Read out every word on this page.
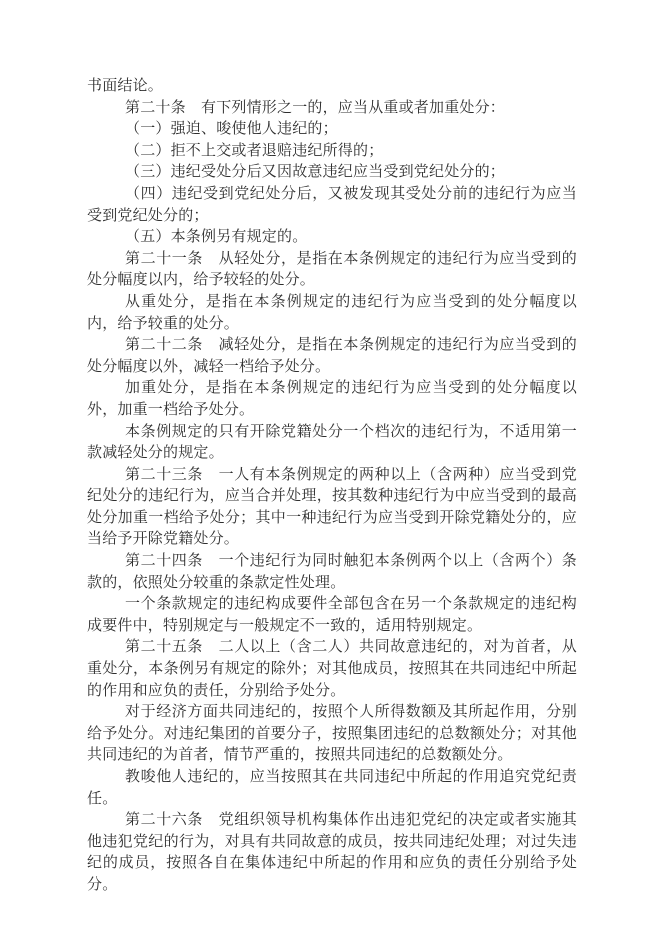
书面结论。

第二十条　有下列情形之一的，应当从重或者加重处分：

（一）强迫、唆使他人违纪的；

（二）拒不上交或者退赔违纪所得的；

（三）违纪受处分后又因故意违纪应当受到党纪处分的；

（四）违纪受到党纪处分后，又被发现其受处分前的违纪行为应当受到党纪处分的；

（五）本条例另有规定的。

第二十一条　从轻处分，是指在本条例规定的违纪行为应当受到的处分幅度以内，给予较轻的处分。

从重处分，是指在本条例规定的违纪行为应当受到的处分幅度以内，给予较重的处分。

第二十二条　减轻处分，是指在本条例规定的违纪行为应当受到的处分幅度以外，减轻一档给予处分。

加重处分，是指在本条例规定的违纪行为应当受到的处分幅度以外，加重一档给予处分。

本条例规定的只有开除党籍处分一个档次的违纪行为，不适用第一款减轻处分的规定。

第二十三条　一人有本条例规定的两种以上（含两种）应当受到党纪处分的违纪行为，应当合并处理，按其数种违纪行为中应当受到的最高处分加重一档给予处分；其中一种违纪行为应当受到开除党籍处分的，应当给予开除党籍处分。

第二十四条　一个违纪行为同时触犯本条例两个以上（含两个）条款的，依照处分较重的条款定性处理。

一个条款规定的违纪构成要件全部包含在另一个条款规定的违纪构成要件中，特别规定与一般规定不一致的，适用特别规定。

第二十五条　二人以上（含二人）共同故意违纪的，对为首者，从重处分，本条例另有规定的除外；对其他成员，按照其在共同违纪中所起的作用和应负的责任，分别给予处分。

对于经济方面共同违纪的，按照个人所得数额及其所起作用，分别给予处分。对违纪集团的首要分子，按照集团违纪的总数额处分；对其他共同违纪的为首者，情节严重的，按照共同违纪的总数额处分。

教唆他人违纪的，应当按照其在共同违纪中所起的作用追究党纪责任。

第二十六条　党组织领导机构集体作出违犯党纪的决定或者实施其他违犯党纪的行为，对具有共同故意的成员，按共同违纪处理；对过失违纪的成员，按照各自在集体违纪中所起的作用和应负的责任分别给予处分。
